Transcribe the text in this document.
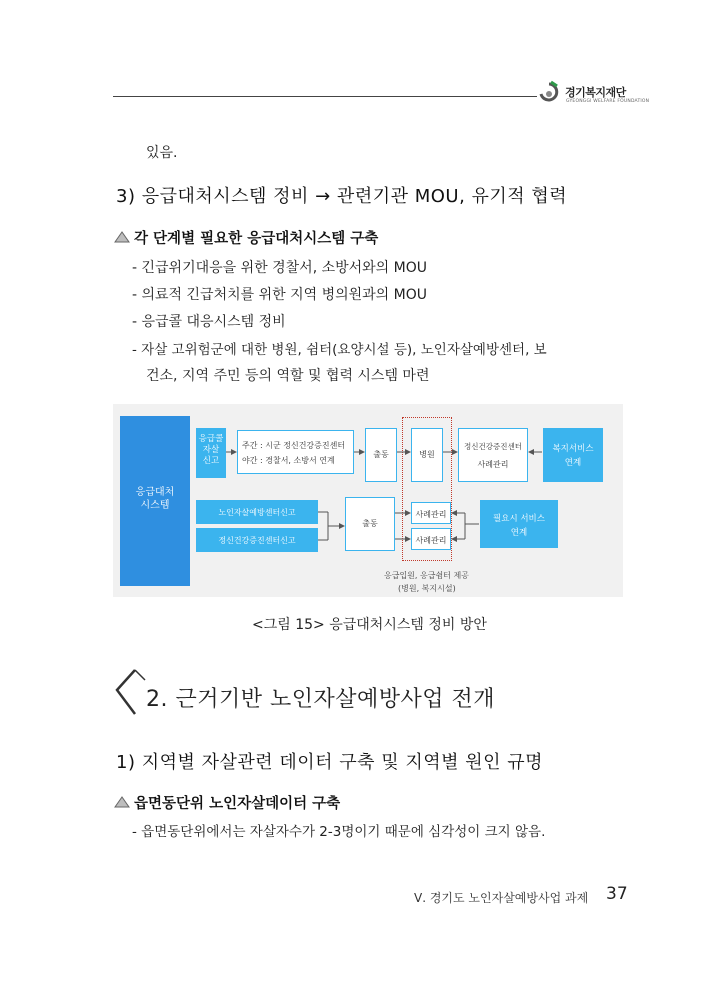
경기복지재단
GYEONGGI WELFARE FOUNDATION
있음.
3) 응급대처시스템 정비 → 관련기관 MOU, 유기적 협력
각 단계별 필요한 응급대처시스템 구축
- 긴급위기대응을 위한 경찰서, 소방서와의 MOU
- 의료적 긴급처치를 위한 지역 병의원과의 MOU
- 응급콜 대응시스템 정비
- 자살 고위험군에 대한 병원, 쉼터(요양시설 등), 노인자살예방센터, 보
건소, 지역 주민 등의 역할 및 협력 시스템 마련
응급대처
시스템
응급콜
자살
신고
주간 : 시군 정신건강증진센터
야간 : 경찰서, 소방서 연계
출동	병원
정신건강증진센터
사례관리
복지서비스
연계
노인자살예방센터신고
정신건강증진센터신고
출동
사례관리
사례관리
필요시 서비스
연계
응급입원, 응급쉼터 제공
(병원, 복지시설)
<그림 15> 응급대처시스템 정비 방안
2. 근거기반 노인자살예방사업 전개
1) 지역별 자살관련 데이터 구축 및 지역별 원인 규명
읍면동단위 노인자살데이터 구축
- 읍면동단위에서는 자살자수가 2-3명이기 때문에 심각성이 크지 않음.
Ⅴ. 경기도 노인자살예방사업 과제 37
